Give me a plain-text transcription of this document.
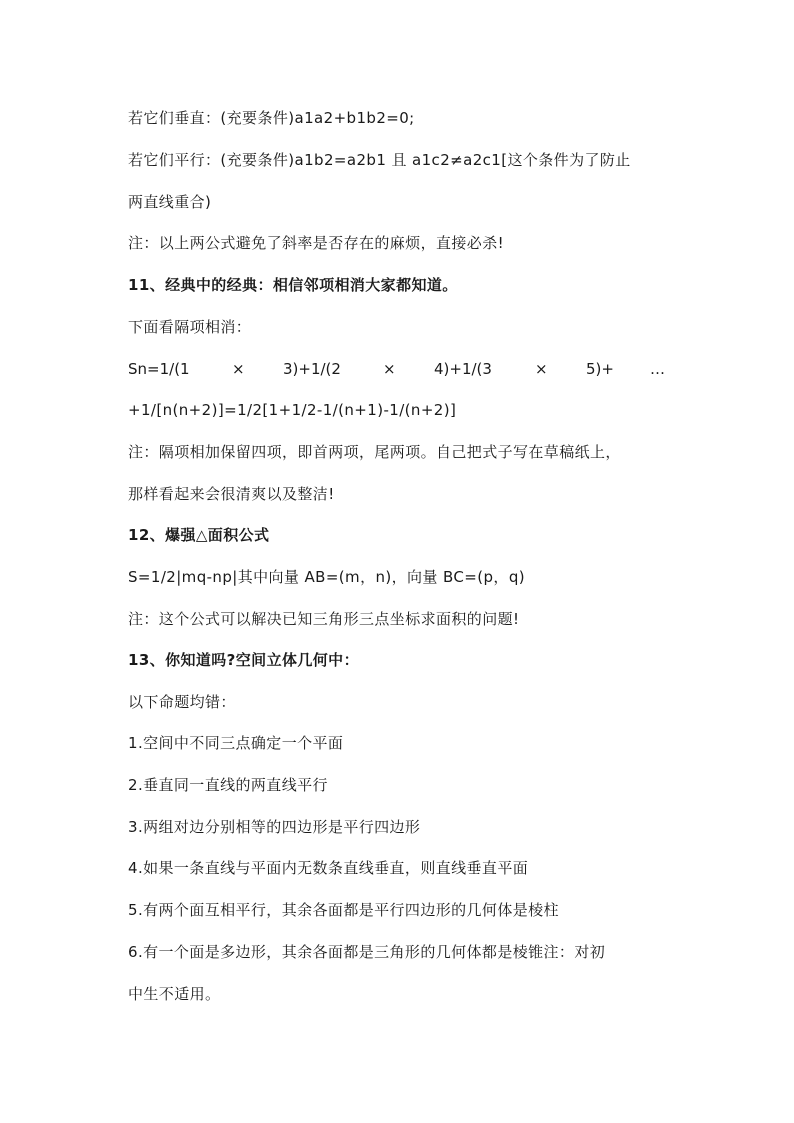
若它们垂直：(充要条件)a1a2+b1b2=0;
若它们平行：(充要条件)a1b2=a2b1 且 a1c2≠a2c1[这个条件为了防止
两直线重合)
注：以上两公式避免了斜率是否存在的麻烦，直接必杀!
11、经典中的经典：相信邻项相消大家都知道。
下面看隔项相消：
Sn=1/(1	×	3)+1/(2	×	4)+1/(3	×	5)+ …
+1/[n(n+2)]=1/2[1+1/2-1/(n+1)-1/(n+2)]
注：隔项相加保留四项，即首两项，尾两项。自己把式子写在草稿纸上，
那样看起来会很清爽以及整洁!
12、爆强△面积公式
S=1/2|mq-np|其中向量 AB=(m，n)，向量 BC=(p，q)
注：这个公式可以解决已知三角形三点坐标求面积的问题!
13、你知道吗?空间立体几何中：
以下命题均错：
1.空间中不同三点确定一个平面
2.垂直同一直线的两直线平行
3.两组对边分别相等的四边形是平行四边形
4.如果一条直线与平面内无数条直线垂直，则直线垂直平面
5.有两个面互相平行，其余各面都是平行四边形的几何体是棱柱
6.有一个面是多边形，其余各面都是三角形的几何体都是棱锥注：对初
中生不适用。
